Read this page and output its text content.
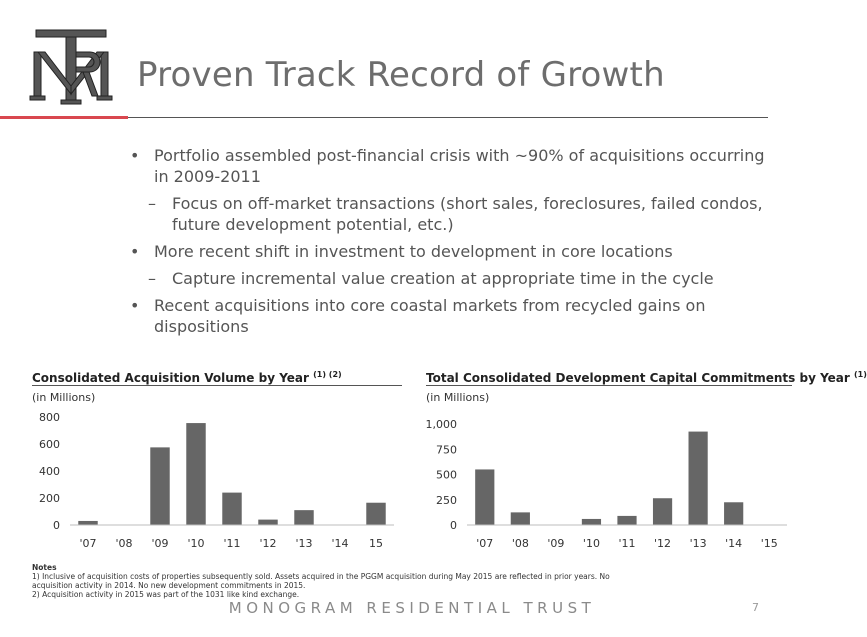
Proven Track Record of Growth
• Portfolio assembled post-financial crisis with ~90% of acquisitions occurring in 2009-2011
– Focus on off-market transactions (short sales, foreclosures, failed condos, future development potential, etc.)
• More recent shift in investment to development in core locations
– Capture incremental value creation at appropriate time in the cycle
• Recent acquisitions into core coastal markets from recycled gains on dispositions
Consolidated Acquisition Volume by Year $^{(1) (2)}$
(in Millions)
0
200
400
600
800
'07 '08 '09 '10 '11 '12 '13 '14 15
Total Consolidated Development Capital Commitments by Year $^{(1)}$
(in Millions)
0
250
500
750
1,000
'07 '08 '09 '10 '11 '12 '13 '14 '15
Notes
1) Inclusive of acquisition costs of properties subsequently sold. Assets acquired in the PGGM acquisition during May 2015 are reflected in prior years. No acquisition activity in 2014. No new development commitments in 2015.
2) Acquisition activity in 2015 was part of the 1031 like kind exchange.
MONOGRAM RESIDENTIAL TRUST	7
